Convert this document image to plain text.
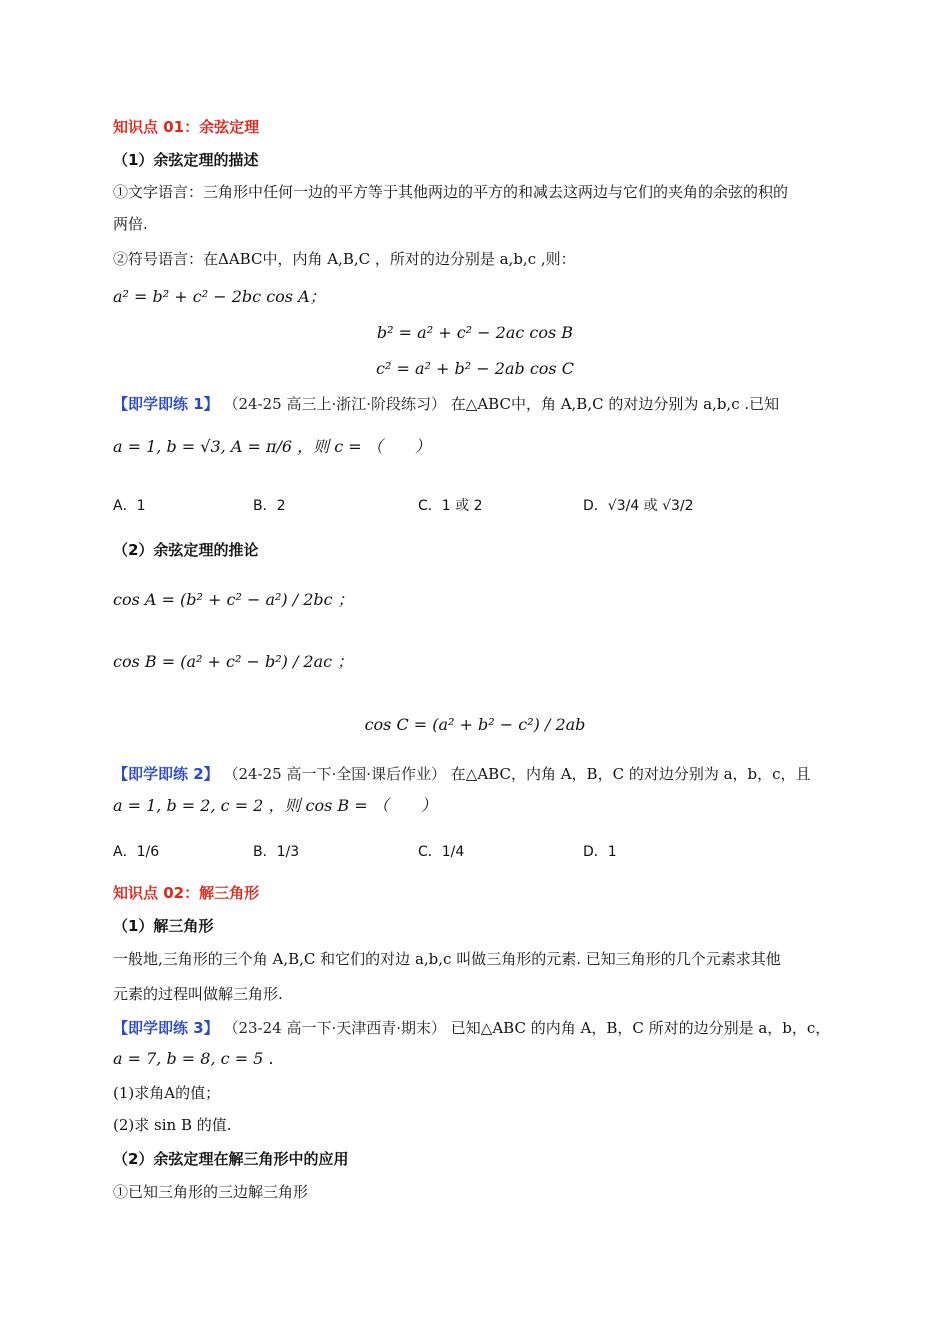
知识点 01：余弦定理
（1）余弦定理的描述
①文字语言：三角形中任何一边的平方等于其他两边的平方的和减去这两边与它们的夹角的余弦的积的
两倍.
②符号语言：在ΔABC中，内角 A,B,C ，所对的边分别是 a,b,c ,则：
a² = b² + c² − 2bc cos A；
b² = a² + c² − 2ac cos B
c² = a² + b² − 2ab cos C
【即学即练 1】 （24-25 高三上·浙江·阶段练习） 在△ABC中，角 A,B,C 的对边分别为 a,b,c .已知
a = 1, b = √3, A = π/6 ，则 c = （　　）
A．1	B．2	C．1 或 2	D．√3/4 或 √3/2
（2）余弦定理的推论
cos A = (b² + c² − a²) / 2bc ；
cos B = (a² + c² − b²) / 2ac ；
cos C = (a² + b² − c²) / 2ab
【即学即练 2】 （24-25 高一下·全国·课后作业） 在△ABC，内角 A，B，C 的对边分别为 a，b，c，且
a = 1, b = 2, c = 2 ，则 cos B = （　　）
A．1/6	B．1/3	C．1/4	D．1
知识点 02：解三角形
（1）解三角形
一般地,三角形的三个角 A,B,C 和它们的对边 a,b,c 叫做三角形的元素. 已知三角形的几个元素求其他
元素的过程叫做解三角形.
【即学即练 3】 （23-24 高一下·天津西青·期末） 已知△ABC 的内角 A，B，C 所对的边分别是 a，b，c，
a = 7, b = 8, c = 5 .
(1)求角A的值；
(2)求 sin B 的值.
（2）余弦定理在解三角形中的应用
①已知三角形的三边解三角形
